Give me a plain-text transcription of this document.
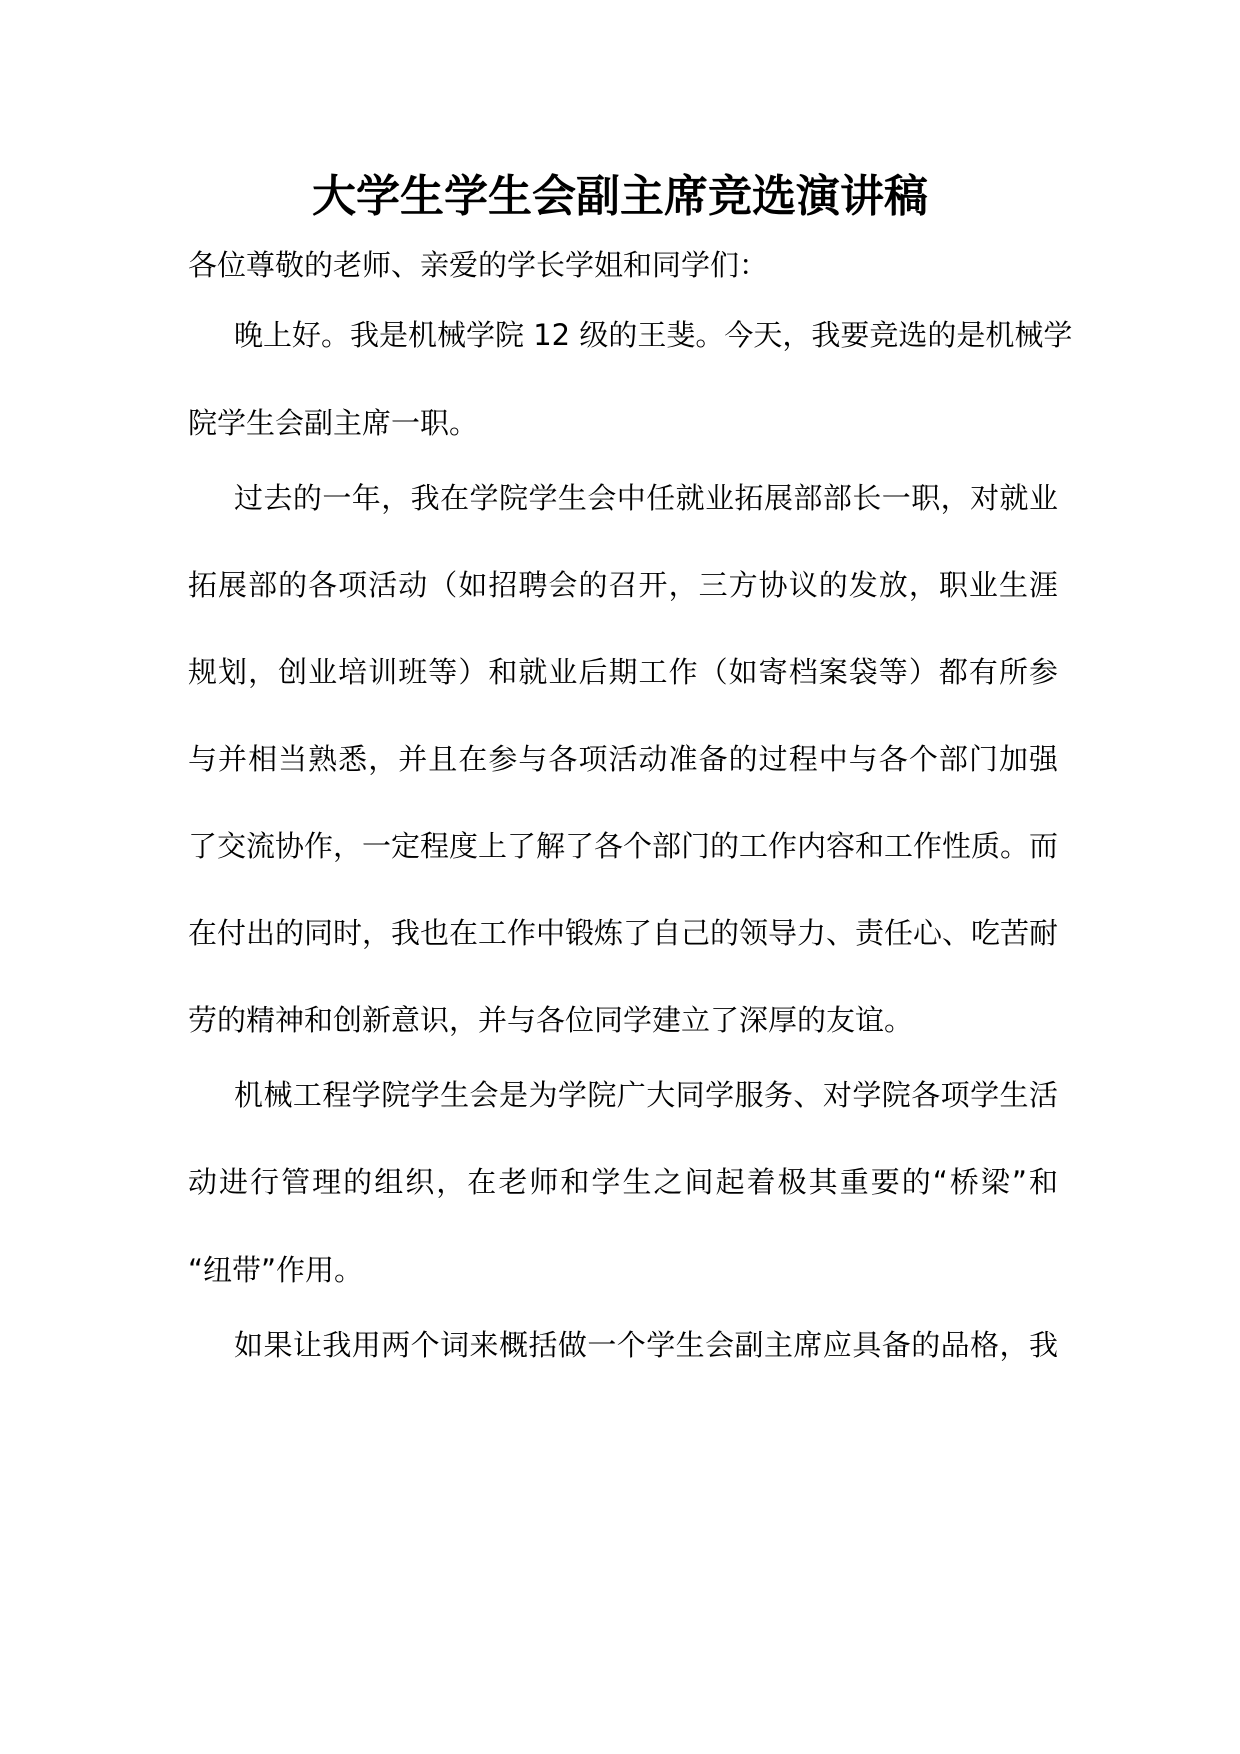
大学生学生会副主席竞选演讲稿
各位尊敬的老师、亲爱的学长学姐和同学们：
晚上好。我是机械学院 12 级的王斐。今天，我要竞选的是机械学
院学生会副主席一职。
过去的一年，我在学院学生会中任就业拓展部部长一职，对就业
拓展部的各项活动（如招聘会的召开，三方协议的发放，职业生涯
规划，创业培训班等）和就业后期工作（如寄档案袋等）都有所参
与并相当熟悉，并且在参与各项活动准备的过程中与各个部门加强
了交流协作，一定程度上了解了各个部门的工作内容和工作性质。而
在付出的同时，我也在工作中锻炼了自己的领导力、责任心、吃苦耐
劳的精神和创新意识，并与各位同学建立了深厚的友谊。
机械工程学院学生会是为学院广大同学服务、对学院各项学生活
动进行管理的组织，在老师和学生之间起着极其重要的“桥梁”和
“纽带”作用。
如果让我用两个词来概括做一个学生会副主席应具备的品格，我
